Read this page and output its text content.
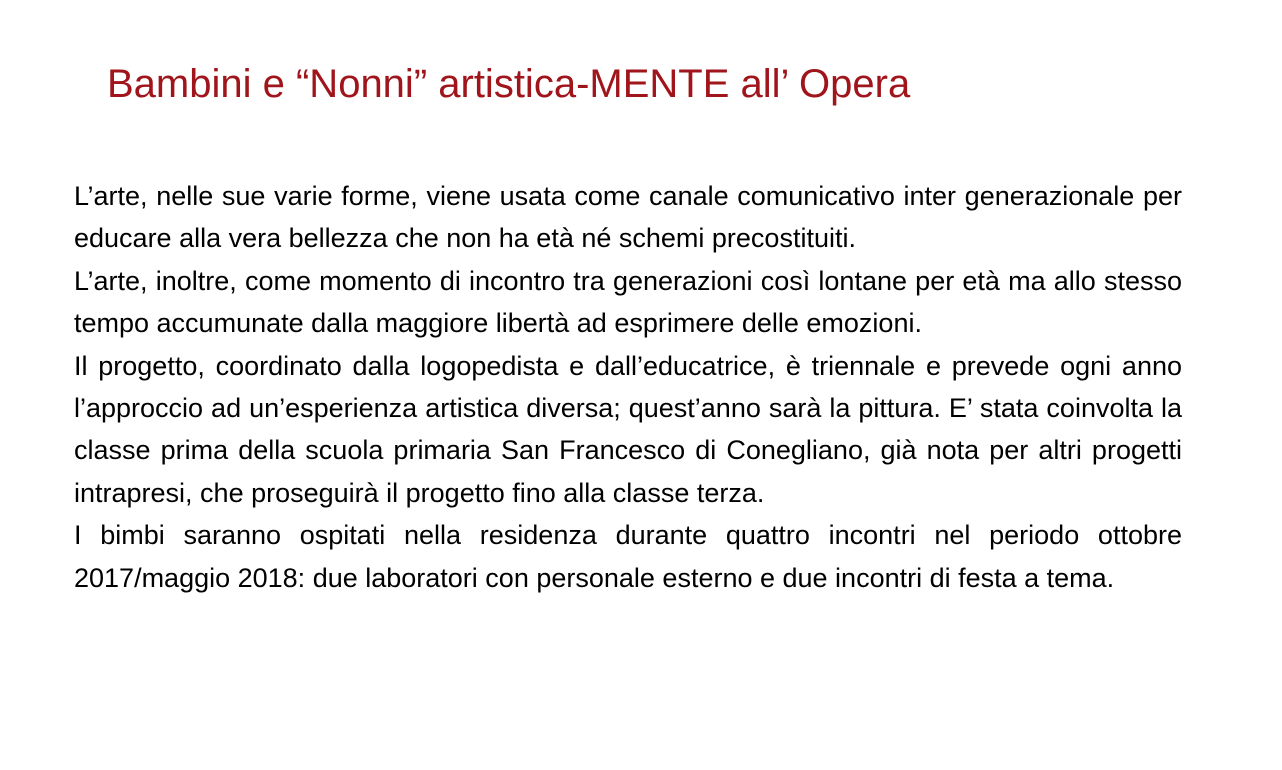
Bambini e “Nonni” artistica-MENTE all’ Opera

L’arte, nelle sue varie forme, viene usata come canale comunicativo inter generazionale per educare alla vera bellezza che non ha età né schemi precostituiti.

L’arte, inoltre, come momento di incontro tra generazioni così lontane per età ma allo stesso tempo accumunate dalla maggiore libertà ad esprimere delle emozioni.

Il progetto, coordinato dalla logopedista e dall’educatrice, è triennale e prevede ogni anno l’approccio ad un’esperienza artistica diversa; quest’anno sarà la pittura. E’ stata coinvolta la classe prima della scuola primaria San Francesco di Conegliano, già nota per altri progetti intrapresi, che proseguirà il progetto fino alla classe terza.

I bimbi saranno ospitati nella residenza durante quattro incontri nel periodo ottobre 2017/maggio 2018: due laboratori con personale esterno e due incontri di festa a tema.
